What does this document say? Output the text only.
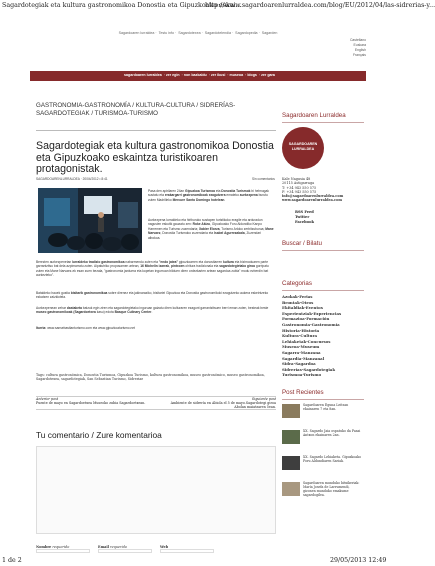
Sagardotegiak eta kultura gastronomikoa Donostia eta Gipuzkoako eskai...
http://www.sagardoarenlurraldea.com/blog/EU/2012/04/las-sidrerias-y...
Sagardoaren lurraldea· Testu info· Sagardotexea· Sagardotelendia· Sagardopedia· Sagarden
Castellano
Euskara
English
Français
sagardoaren lurraldea · zer egin · non bazkaldu · zer ikusi · museoa · blogs · zer gara
GASTRONOMIA-GASTRONOMÍA / KULTURA-CULTURA / SIDRERÍAS-SAGARDOTEGIAK / TURISMOA-TURISMO
Sagardotegiak eta kultura gastronomikoa Donostia eta Gipuzkoako eskaintza turistikoaren protagonistak.
SAGARDOARENLURRALDEA · 20/04/2012 • 8:41	Sin comentarios
Pasa den apirilaren 24an Gipuzkoa Turismoa eta Donostia Turismok bi helmugak sustatu eta erakargarri gastronomikoak ezagutzera emateko aurkezpena burutu zuten Madrilleko Mercure Santo Domingo hotelean.
Aurkezpena lurraldeko eta hiriburuko sustapen turistikoko eragile eta arduradun nagusien eskutik gauzatu zen: Roke Akizu, Gipuzkoako Foru Aldundiko Kanpo Harremen eta Turismo zuzendaria; Xabier Elorza, Turismo Arloko zerbitzuburua; Mane Narvaez, Donostia Turismoko zuzendaria eta Isabel Agurrezabala, Zuzendari albokoa.
Berezien aurkezpenetan lurraldeko tradizio gastronomikoa nabarmendu zuten eta "endo jatea" gipuzkoarren eta donostiarren kultura eta bizimoduaren parte garrantzitsu bat dela azpimarratu zuten. Aipatutriko proposamen artean, 16 Michelin izarrak, pintxoen ohitura tradizionala eta sagardotegietako giroa gorripatu zuten eta Mane Narvaez-ek esan zuen bezala, "gastronomia jarduera eta kopetan ingurruan bilduen diren ordezkarien artean sagardoa zubia" modu ezberdin bat aurkezteko".
Bataldeko hauek gustia bisitarik gastronomikoa sobre direnez eta jakinaraziko, bisitariei Gipuzkoa eta Donostia gastronomikoki ezagutzeko aukera eskeintzeko ezkatzen zaizkiotela.
Aurkezpenean zehar dastaketa batzuk egin ziren eta sagardotegietako inguruan gaizatu diren kulturaren ezagunt garrantzitsuen berri eman zuten, besteak beste museo gastronomikoak (Sagardoetxea kasu) edota Basque Culinary Center.
Iturria: www.sansebastianturismo.com eta www.gipuzkoaturismo.net
Tags: cultura gastronómica, Donostia Turismoa, Gipuzkoa Turismo, kultura gastronomikoa, museo gastronómico, museo gastronomikoa, Sagardotexea, sagardotegiak, San Sebastian Turismo, Sidreriae
Anterior post
Puente de mayo en Sagardoetxea Museoko zubia Sagardoetxean.
Siguiente post
Ambiente de sidrería en Abiola el 5 de mayo.Sagardotegi giroa Abolan maiatzaren 5ean.
Tu comentario / Zure komentarioa
Nombre requerido	Email requerido	Web
Sagardoaren Lurraldea
SAGARDOAREN
LURRALDEA
Kale Nagusia 48
20115 Astigarraga
T: +34 943 550 575
F: +34 943 550 575
info@sagardoarenlurraldea.com
www.sagardoarenlurraldea.com
RSS Feed
Twitter
Facebook
Buscar / Bilatu
Categorias
Azokak-Ferias
Brontak-Otros
Ekitaldiak-Eventos
Esperientziak-Experiencias
Formazioa-Formación
Gastronomia-Gastronomía
Historia-Historia
Kultura-Cultura
Lehiaketak-Concursos
Museoa-Museum
Sagarra-Manzana
Sagardia-Manzanal
Sidra-Sagardoa
Sidrerías-Sagardotegiak
Turismoa-Turismo
Post Recientes
Sagardoaren Eguna Leitsan ekainaren 7 eta 8an.
XX. Sagardo Jaia ospatuko da Pasai Antxon ekainaren 2an.
XX. Sagardo Lehiaketa. Gipuzkoako Foru Aldundiaren Sariak.
Sagardoaren munduko bitxikeriak: María Josefa de Larrumendi, gizonen munduko emakume sagardogilea.
1 de 2	29/05/2013 12:49
